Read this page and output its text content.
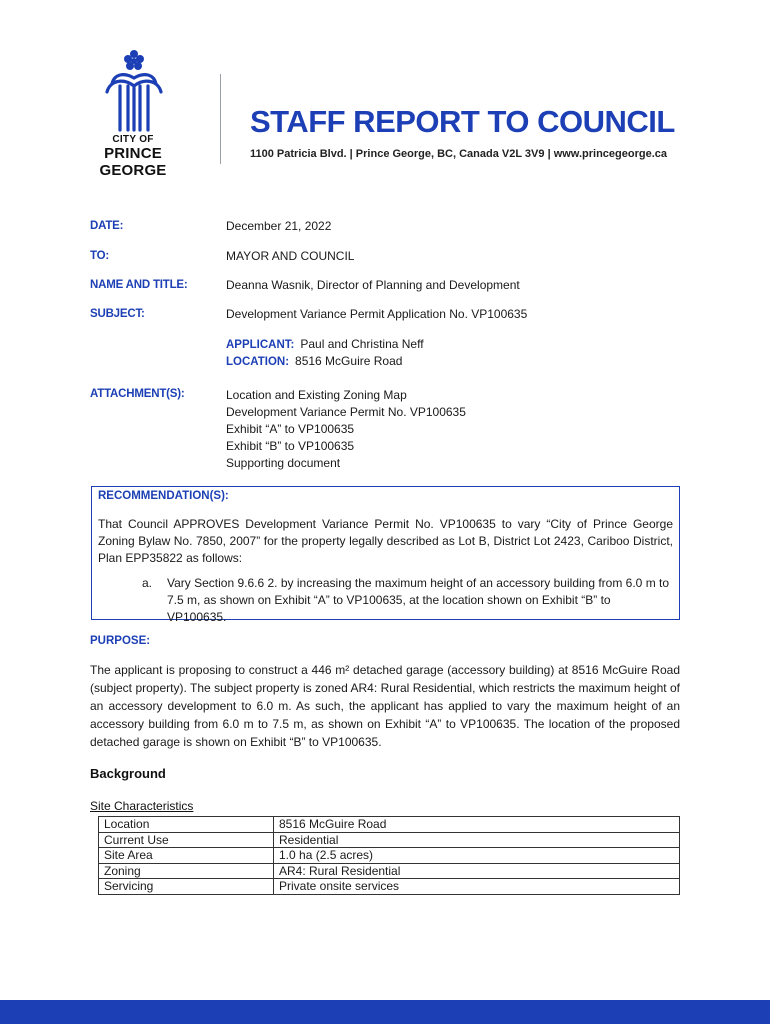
CITY OF
PRINCE GEORGE
STAFF REPORT TO COUNCIL
1100 Patricia Blvd. | Prince George, BC, Canada V2L 3V9 | www.princegeorge.ca
DATE:	December 21, 2022
TO:	MAYOR AND COUNCIL
NAME AND TITLE:	Deanna Wasnik, Director of Planning and Development
SUBJECT:	Development Variance Permit Application No. VP100635
APPLICANT: Paul and Christina Neff
LOCATION: 8516 McGuire Road
ATTACHMENT(S):	Location and Existing Zoning Map
Development Variance Permit No. VP100635
Exhibit “A” to VP100635
Exhibit “B” to VP100635
Supporting document
RECOMMENDATION(S):
That Council APPROVES Development Variance Permit No. VP100635 to vary “City of Prince George Zoning Bylaw No. 7850, 2007” for the property legally described as Lot B, District Lot 2423, Cariboo District, Plan EPP35822 as follows:
a. Vary Section 9.6.6 2. by increasing the maximum height of an accessory building from 6.0 m to 7.5 m, as shown on Exhibit “A” to VP100635, at the location shown on Exhibit “B” to VP100635.
PURPOSE:
The applicant is proposing to construct a 446 m² detached garage (accessory building) at 8516 McGuire Road (subject property). The subject property is zoned AR4: Rural Residential, which restricts the maximum height of an accessory development to 6.0 m. As such, the applicant has applied to vary the maximum height of an accessory building from 6.0 m to 7.5 m, as shown on Exhibit “A” to VP100635. The location of the proposed detached garage is shown on Exhibit “B” to VP100635.
Background
Site Characteristics
Location	8516 McGuire Road
Current Use	Residential
Site Area	1.0 ha (2.5 acres)
Zoning	AR4: Rural Residential
Servicing	Private onsite services
